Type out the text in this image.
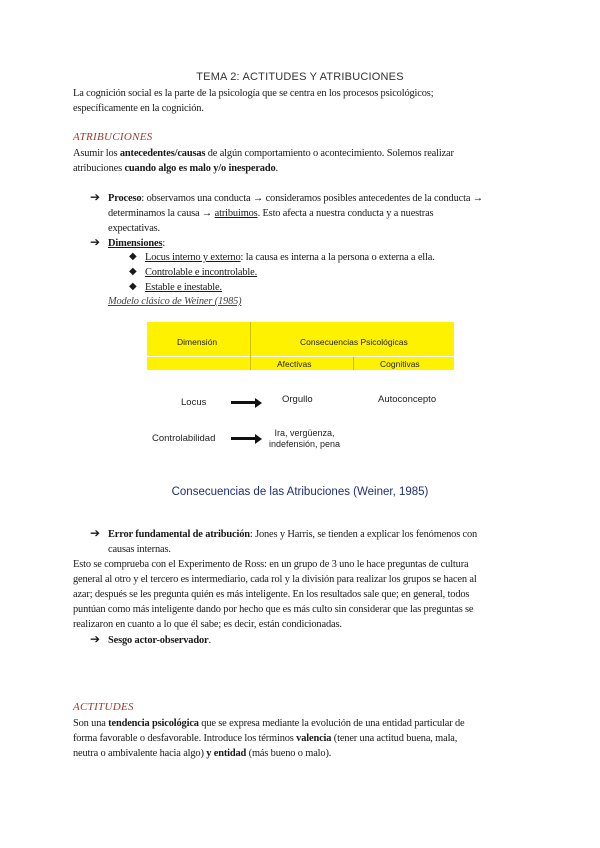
TEMA 2: ACTITUDES Y ATRIBUCIONES
La cognición social es la parte de la psicología que se centra en los procesos psicológicos;
específicamente en la cognición.
ATRIBUCIONES
Asumir los antecedentes/causas de algún comportamiento o acontecimiento. Solemos realizar
atribuciones cuando algo es malo y/o inesperado.
➔ Proceso: observamos una conducta → consideramos posibles antecedentes de la conducta →
determinamos la causa → atribuimos. Esto afecta a nuestra conducta y a nuestras
expectativas.
➔ Dimensiones:
◆ Locus interno y externo: la causa es interna a la persona o externa a ella.
◆ Controlable e incontrolable.
◆ Estable e inestable.
Modelo clásico de Weiner (1985)
Dimensión	Consecuencias Psicológicas
Afectivas	Cognitivas
Locus	Orgullo	Autoconcepto
Controlabilidad	Ira, vergüenza,
indefensión, pena
Consecuencias de las Atribuciones (Weiner, 1985)
➔ Error fundamental de atribución: Jones y Harris, se tienden a explicar los fenómenos con
causas internas.
Esto se comprueba con el Experimento de Ross: en un grupo de 3 uno le hace preguntas de cultura
general al otro y el tercero es intermediario, cada rol y la división para realizar los grupos se hacen al
azar; después se les pregunta quién es más inteligente. En los resultados sale que; en general, todos
puntúan como más inteligente dando por hecho que es más culto sin considerar que las preguntas se
realizaron en cuanto a lo que él sabe; es decir, están condicionadas.
➔ Sesgo actor-observador.
ACTITUDES
Son una tendencia psicológica que se expresa mediante la evolución de una entidad particular de
forma favorable o desfavorable. Introduce los términos valencia (tener una actitud buena, mala,
neutra o ambivalente hacia algo) y entidad (más bueno o malo).
